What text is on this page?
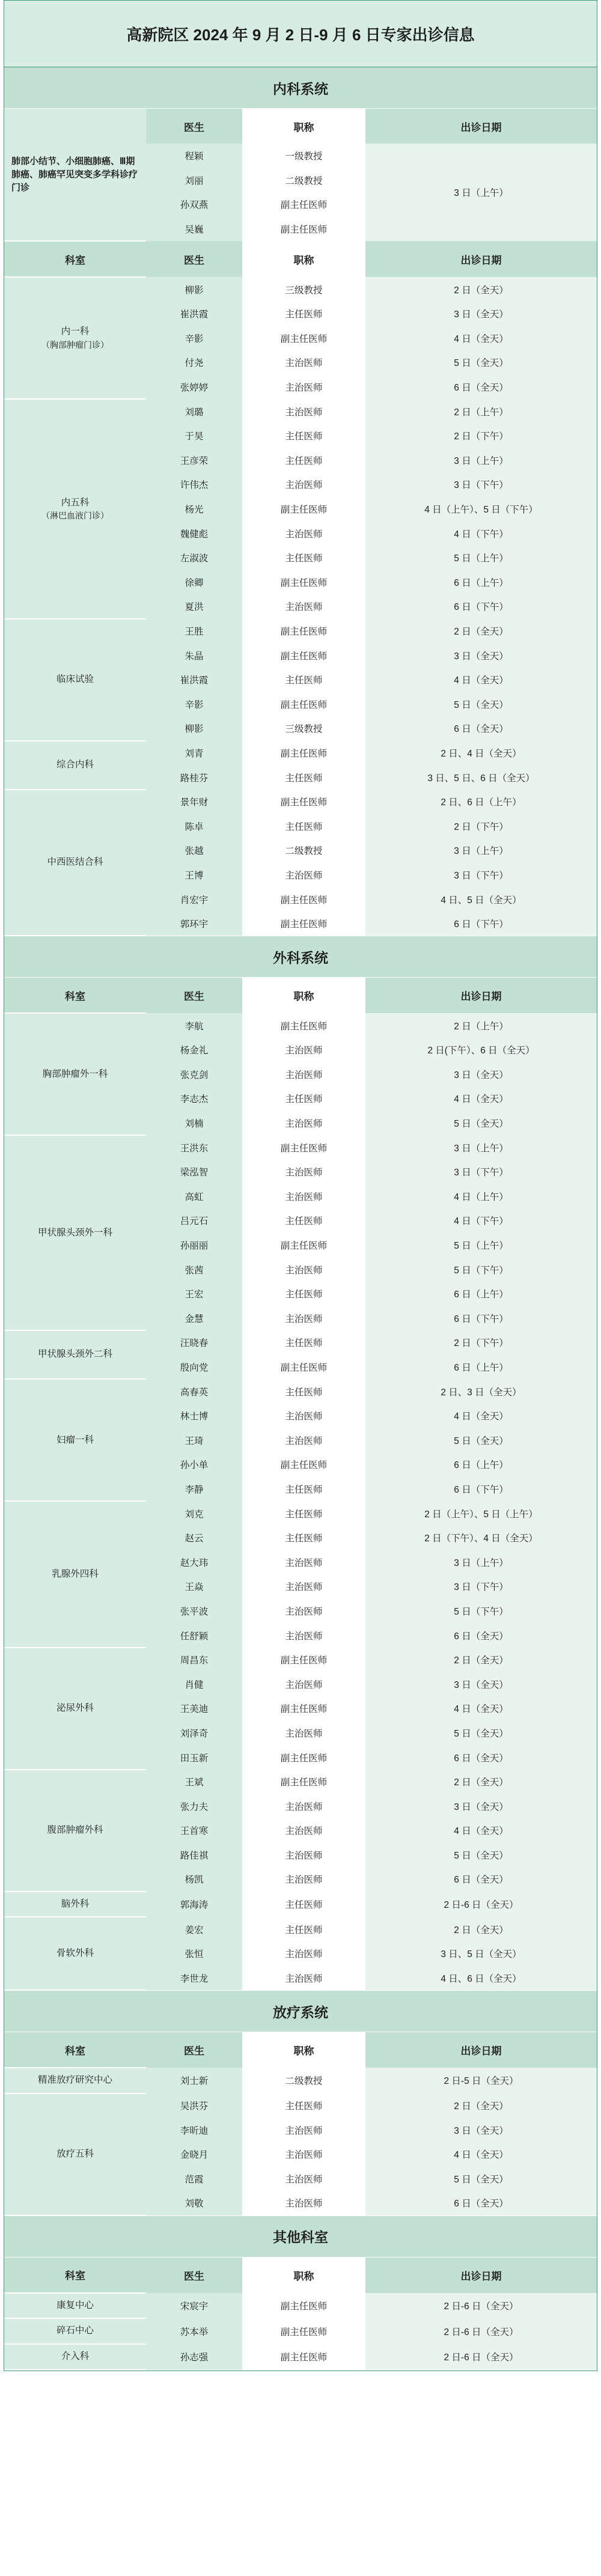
高新院区 2024 年 9 月 2 日-9 月 6 日专家出诊信息
内科系统
肺部小结节、小细胞肺癌、Ⅲ期肺癌、肺癌罕见突变多学科诊疗门诊	医生	职称	出诊日期
	程颖	一级教授	3 日（上午）
	刘丽	二级教授	
	孙双燕	副主任医师	
	吴巍	副主任医师	
科室	医生	职称	出诊日期

内一科
（胸部肿瘤门诊）	柳影	三级教授	2 日（全天）
	崔洪霞	主任医师	3 日（全天）
	辛影	副主任医师	4 日（全天）
	付尧	主治医师	5 日（全天）
	张婷婷	主治医师	6 日（全天）

内五科
（淋巴血液门诊）	刘璐	主治医师	2 日（上午）
	于昊	主任医师	2 日（下午）
	王彦荣	主任医师	3 日（上午）
	许伟杰	主治医师	3 日（下午）
	杨光	副主任医师	4 日（上午）、5 日（下午）
	魏健彪	主治医师	4 日（下午）
	左淑波	主任医师	5 日（上午）
	徐卿	副主任医师	6 日（上午）
	夏洪	主治医师	6 日（下午）

临床试验	王胜	副主任医师	2 日（全天）
	朱晶	副主任医师	3 日（全天）
	崔洪霞	主任医师	4 日（全天）
	辛影	副主任医师	5 日（全天）
	柳影	三级教授	6 日（全天）

综合内科	刘青	副主任医师	2 日、4 日（全天）
	路桂芬	主任医师	3 日、5 日、6 日（全天）

中西医结合科	景年财	副主任医师	2 日、6 日（上午）
	陈卓	主任医师	2 日（下午）
	张越	二级教授	3 日（上午）
	王博	主治医师	3 日（下午）
	肖宏宇	副主任医师	4 日、5 日（全天）
	郭环宇	副主任医师	6 日（下午）
外科系统
科室	医生	职称	出诊日期

胸部肿瘤外一科	李航	副主任医师	2 日（上午）
	杨金礼	主治医师	2 日(下午）、6 日（全天）
	张克剑	主治医师	3 日（全天）
	李志杰	主任医师	4 日（全天）
	刘楠	主治医师	5 日（全天）

甲状腺头颈外一科	王洪东	副主任医师	3 日（上午）
	梁泓智	主治医师	3 日（下午）
	高虹	主治医师	4 日（上午）
	吕元石	主任医师	4 日（下午）
	孙丽丽	副主任医师	5 日（上午）
	张茜	主治医师	5 日（下午）
	王宏	主任医师	6 日（上午）
	金慧	主治医师	6 日（下午）

甲状腺头颈外二科	汪晓春	主任医师	2 日（下午）
	殷向党	副主任医师	6 日（上午）

妇瘤一科	高春英	主任医师	2 日、3 日（全天）
	林士博	主治医师	4 日（全天）
	王琦	主治医师	5 日（全天）
	孙小单	副主任医师	6 日（上午）
	李静	主任医师	6 日（下午）

乳腺外四科	刘克	主任医师	2 日（上午）、5 日（上午）
	赵云	主任医师	2 日（下午）、4 日（全天）
	赵大玮	主治医师	3 日（上午）
	王焱	主治医师	3 日（下午）
	张平波	主治医师	5 日（下午）
	任舒颖	主治医师	6 日（全天）

泌尿外科	周昌东	副主任医师	2 日（全天）
	肖健	主治医师	3 日（全天）
	王美迪	副主任医师	4 日（全天）
	刘泽奇	主治医师	5 日（全天）
	田玉新	副主任医师	6 日（全天）

腹部肿瘤外科	王斌	副主任医师	2 日（全天）
	张力夫	主治医师	3 日（全天）
	王首寒	主治医师	4 日（全天）
	路佳祺	主治医师	5 日（全天）
	杨凯	主治医师	6 日（全天）

脑外科	郭海涛	主任医师	2 日-6 日（全天）

骨软外科	姜宏	主任医师	2 日（全天）
	张恒	主治医师	3 日、5 日（全天）
	李世龙	主治医师	4 日、6 日（全天）
放疗系统
科室	医生	职称	出诊日期

精准放疗研究中心	刘士新	二级教授	2 日-5 日（全天）

放疗五科	吴洪芬	主任医师	2 日（全天）
	李昕迪	主治医师	3 日（全天）
	金晓月	主治医师	4 日（全天）
	范霞	主治医师	5 日（全天）
	刘敬	主治医师	6 日（全天）
其他科室
科室	医生	职称	出诊日期

康复中心	宋宸宇	副主任医师	2 日-6 日（全天）

碎石中心	苏本举	副主任医师	2 日-6 日（全天）

介入科	孙志强	副主任医师	2 日-6 日（全天）
